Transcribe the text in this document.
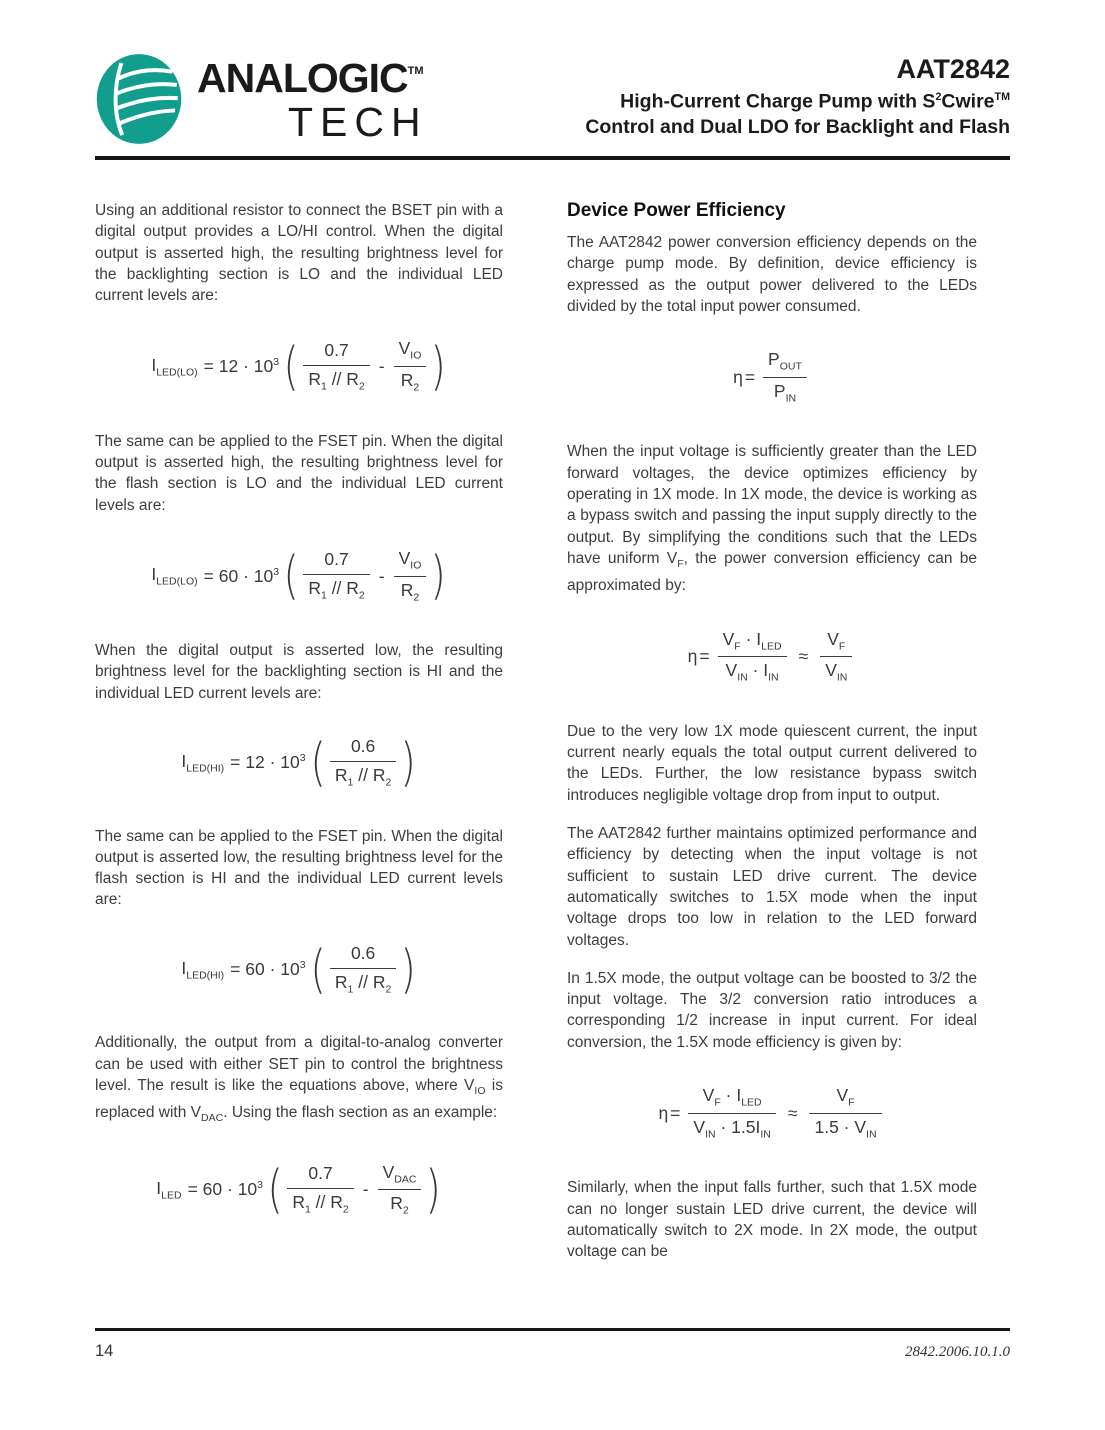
ANALOGIC™
TECH
AAT2842
High-Current Charge Pump with $S^2Cwire™$
Control and Dual LDO for Backlight and Flash

Using an additional resistor to connect the BSET pin with a digital output provides a LO/HI control. When the digital output is asserted high, the resulting brightness level for the backlighting section is LO and the individual LED current levels are:

$I_{LED(LO)} = 12 \cdot 10^3$ ( $\frac{0.7}{R_1 // R_2} - \frac{V_{IO}}{R_2}$ )

The same can be applied to the FSET pin. When the digital output is asserted high, the resulting brightness level for the flash section is LO and the individual LED current levels are:

$I_{LED(LO)} = 60 \cdot 10^3$ ( $\frac{0.7}{R_1 // R_2} - \frac{V_{IO}}{R_2}$ )

When the digital output is asserted low, the resulting brightness level for the backlighting section is HI and the individual LED current levels are:

$I_{LED(HI)} = 12 \cdot 10^3$ ( $\frac{0.6}{R_1 // R_2}$ )

The same can be applied to the FSET pin. When the digital output is asserted low, the resulting brightness level for the flash section is HI and the individual LED current levels are:

$I_{LED(HI)} = 60 \cdot 10^3$ ( $\frac{0.6}{R_1 // R_2}$ )

Additionally, the output from a digital-to-analog converter can be used with either SET pin to control the brightness level. The result is like the equations above, where $V_{IO}$ is replaced with $V_{DAC}$. Using the flash section as an example:

$I_{LED} = 60 \cdot 10^3$ ( $\frac{0.7}{R_1 // R_2} - \frac{V_{DAC}}{R_2}$ )
Device Power Efficiency

The AAT2842 power conversion efficiency depends on the charge pump mode. By definition, device efficiency is expressed as the output power delivered to the LEDs divided by the total input power consumed.

$\eta = \frac{P_{OUT}}{P_{IN}}$

When the input voltage is sufficiently greater than the LED forward voltages, the device optimizes efficiency by operating in 1X mode. In 1X mode, the device is working as a bypass switch and passing the input supply directly to the output. By simplifying the conditions such that the LEDs have uniform $V_F$, the power conversion efficiency can be approximated by:

$\eta = \frac{V_F \cdot I_{LED}}{V_{IN} \cdot I_{IN}} \approx \frac{V_F}{V_{IN}}$

Due to the very low 1X mode quiescent current, the input current nearly equals the total output current delivered to the LEDs. Further, the low resistance bypass switch introduces negligible voltage drop from input to output.

The AAT2842 further maintains optimized performance and efficiency by detecting when the input voltage is not sufficient to sustain LED drive current. The device automatically switches to 1.5X mode when the input voltage drops too low in relation to the LED forward voltages.

In 1.5X mode, the output voltage can be boosted to 3/2 the input voltage. The 3/2 conversion ratio introduces a corresponding 1/2 increase in input current. For ideal conversion, the 1.5X mode efficiency is given by:

$\eta = \frac{V_F \cdot I_{LED}}{V_{IN} \cdot 1.5I_{IN}} \approx \frac{V_F}{1.5 \cdot V_{IN}}$

Similarly, when the input falls further, such that 1.5X mode can no longer sustain LED drive current, the device will automatically switch to 2X mode. In 2X mode, the output voltage can be

14	2842.2006.10.1.0
